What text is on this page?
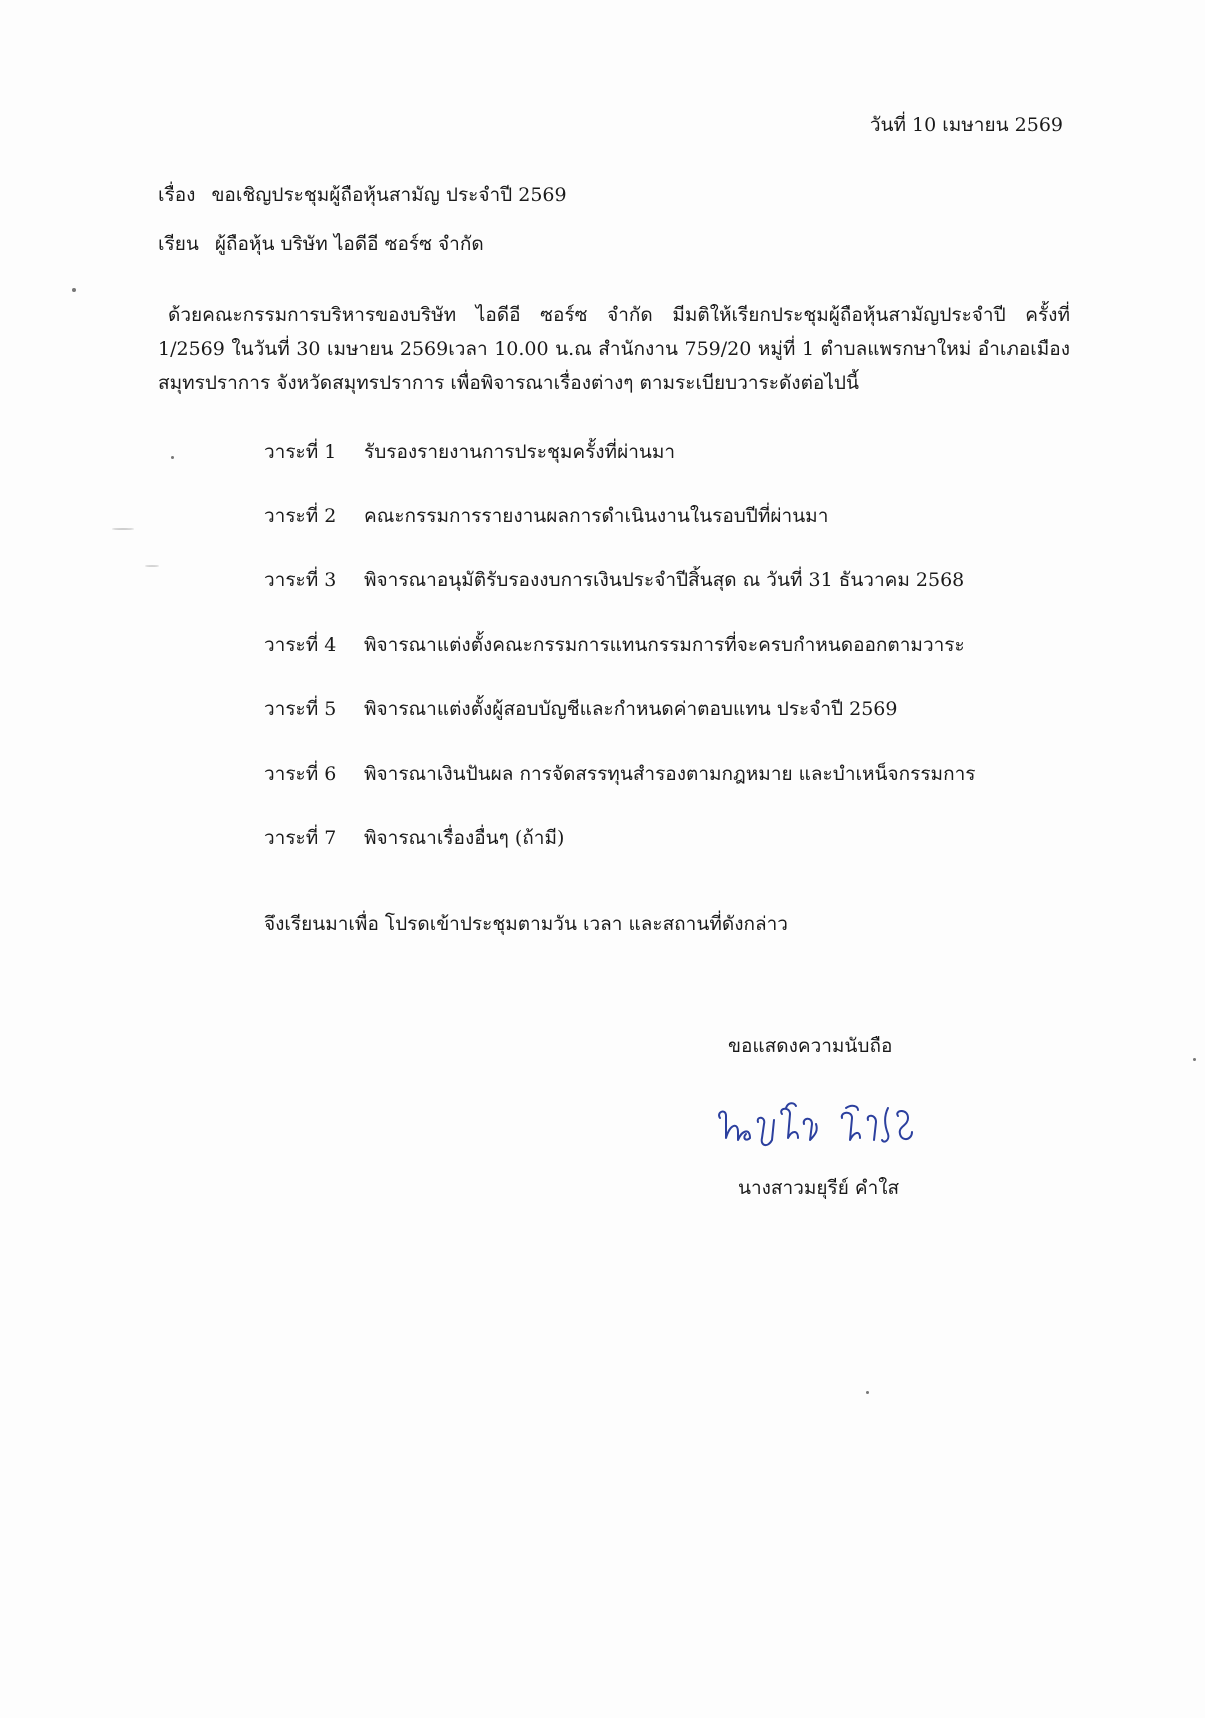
วันที่ 10 เมษายน 2569
เรื่อง ขอเชิญประชุมผู้ถือหุ้นสามัญ ประจำปี 2569
เรียน ผู้ถือหุ้น บริษัท ไอดีอี ซอร์ซ จำกัด

ด้วยคณะกรรมการบริหารของบริษัท ไอดีอี ซอร์ซ จำกัด มีมติให้เรียกประชุมผู้ถือหุ้นสามัญประจำปี ครั้งที่ 1/2569 ในวันที่ 30 เมษายน 2569เวลา 10.00 น.ณ สำนักงาน 759/20 หมู่ที่ 1 ตำบลแพรกษาใหม่ อำเภอเมือง สมุทรปราการ จังหวัดสมุทรปราการ เพื่อพิจารณาเรื่องต่างๆ ตามระเบียบวาระดังต่อไปนี้

วาระที่ 1 รับรองรายงานการประชุมครั้งที่ผ่านมา
วาระที่ 2 คณะกรรมการรายงานผลการดำเนินงานในรอบปีที่ผ่านมา
วาระที่ 3 พิจารณาอนุมัติรับรองงบการเงินประจำปีสิ้นสุด ณ วันที่ 31 ธันวาคม 2568
วาระที่ 4 พิจารณาแต่งตั้งคณะกรรมการแทนกรรมการที่จะครบกำหนดออกตามวาระ
วาระที่ 5 พิจารณาแต่งตั้งผู้สอบบัญชีและกำหนดค่าตอบแทน ประจำปี 2569
วาระที่ 6 พิจารณาเงินปันผล การจัดสรรทุนสำรองตามกฎหมาย และบำเหน็จกรรมการ
วาระที่ 7 พิจารณาเรื่องอื่นๆ (ถ้ามี)
จึงเรียนมาเพื่อ โปรดเข้าประชุมตามวัน เวลา และสถานที่ดังกล่าว
ขอแสดงความนับถือ
นางสาวมยุรีย์ คำใส
